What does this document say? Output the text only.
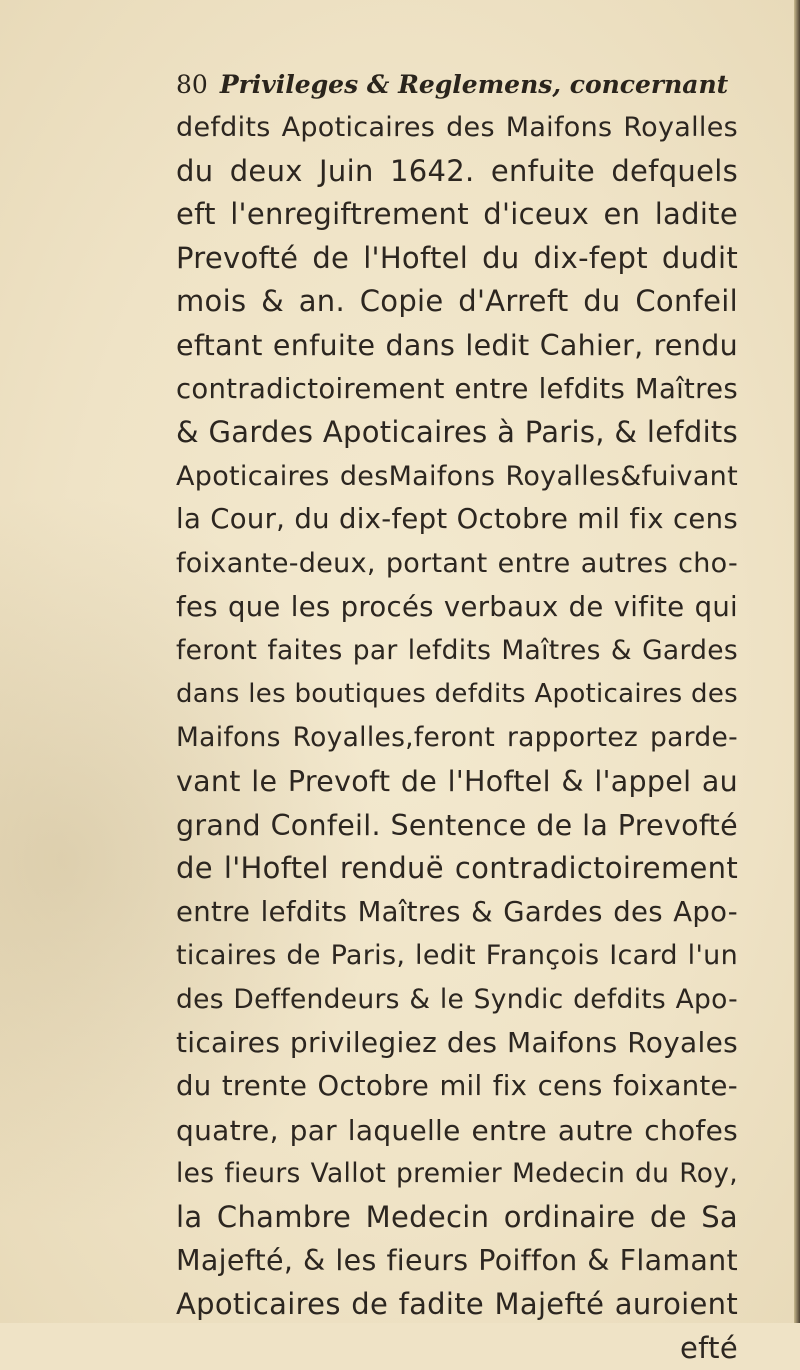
80 Privileges & Reglemens, concernant
defdits Apoticaires des Maifons Royalles
du deux Juin 1642. enfuite defquels
eft l'enregiftrement d'iceux en ladite
Prevofté de l'Hoftel du dix-fept dudit
mois & an. Copie d'Arreft du Confeil
eftant enfuite dans ledit Cahier, rendu
contradictoirement entre lefdits Maîtres
& Gardes Apoticaires à Paris, & lefdits
Apoticaires desMaifons Royalles&fuivant
la Cour, du dix-fept Octobre mil fix cens
foixante-deux, portant entre autres cho-
fes que les procés verbaux de vifite qui
feront faites par lefdits Maîtres & Gardes
dans les boutiques defdits Apoticaires des
Maifons Royalles,feront rapportez parde-
vant le Prevoft de l'Hoftel & l'appel au
grand Confeil. Sentence de la Prevofté
de l'Hoftel renduë contradictoirement
entre lefdits Maîtres & Gardes des Apo-
ticaires de Paris, ledit François Icard l'un
des Deffendeurs & le Syndic defdits Apo-
ticaires privilegiez des Maifons Royales
du trente Octobre mil fix cens foixante-
quatre, par laquelle entre autre chofes
les fieurs Vallot premier Medecin du Roy,
la Chambre Medecin ordinaire de Sa
Majefté, & les fieurs Poiffon & Flamant
Apoticaires de fadite Majefté auroient
efté
